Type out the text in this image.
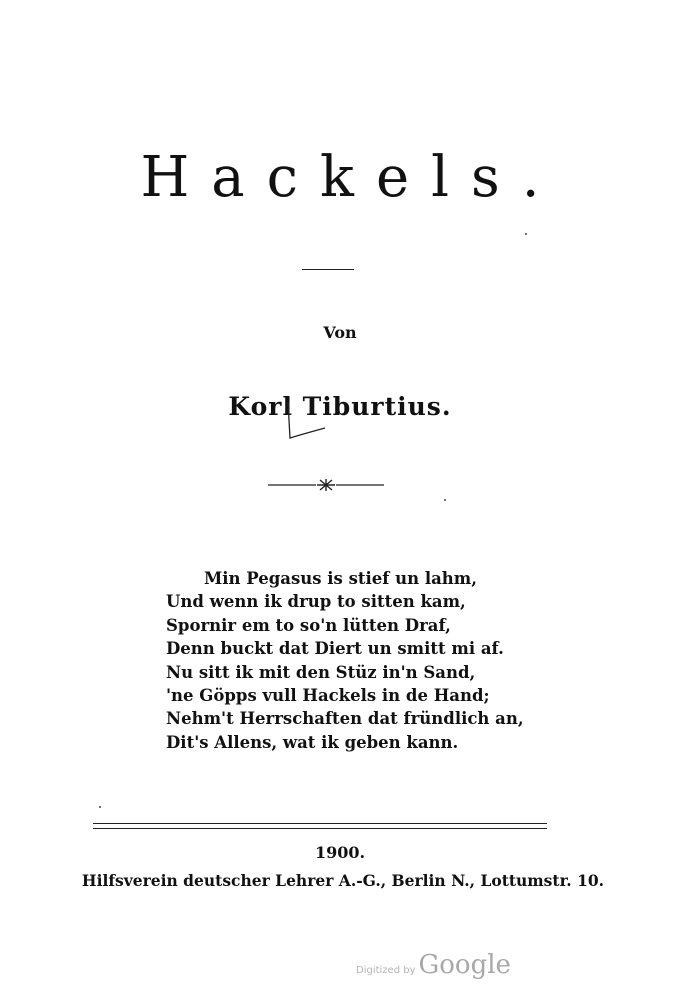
Hackels.
Von
Korl Tiburtius.
Min Pegasus is stief un lahm,
Und wenn ik drup to sitten kam,
Spornir em to so'n lütten Draf,
Denn buckt dat Diert un smitt mi af.
Nu sitt ik mit den Stüz in'n Sand,
'ne Göpps vull Hackels in de Hand;
Nehm't Herrschaften dat fründlich an,
Dit's Allens, wat ik geben kann.
1900.
Hilfsverein deutscher Lehrer A.-G., Berlin N., Lottumstr. 10.
Digitized by Google
